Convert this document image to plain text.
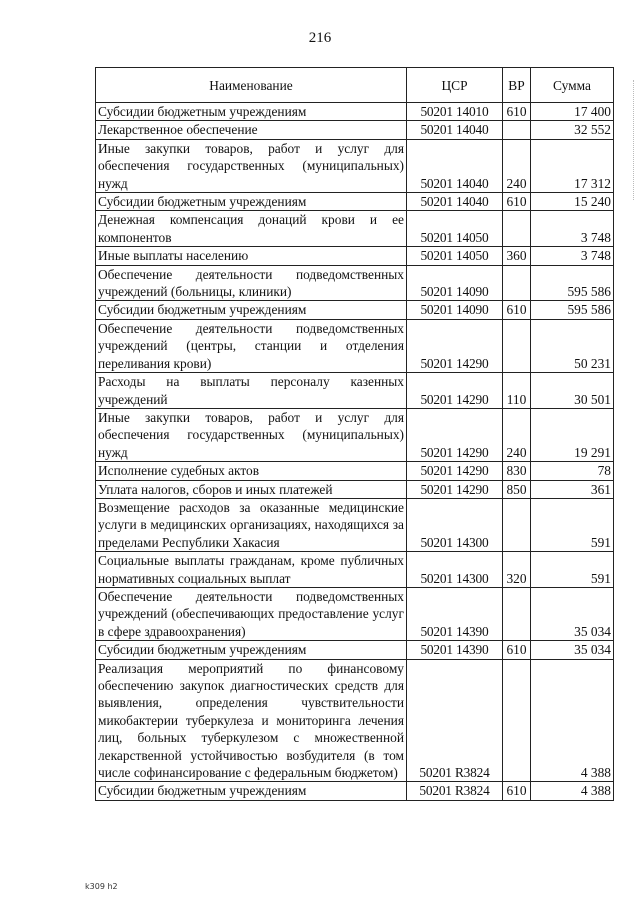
216
Наименование	ЦСР	ВР	Сумма
Субсидии бюджетным учреждениям	50201 14010	610	17 400
Лекарственное обеспечение	50201 14040		32 552
Иные закупки товаров, работ и услуг для обеспечения государственных (муниципальных) нужд	50201 14040	240	17 312
Субсидии бюджетным учреждениям	50201 14040	610	15 240
Денежная компенсация донаций крови и ее компонентов	50201 14050		3 748
Иные выплаты населению	50201 14050	360	3 748
Обеспечение деятельности подведомственных учреждений (больницы, клиники)	50201 14090		595 586
Субсидии бюджетным учреждениям	50201 14090	610	595 586
Обеспечение деятельности подведомственных учреждений (центры, станции и отделения переливания крови)	50201 14290		50 231
Расходы на выплаты персоналу казенных учреждений	50201 14290	110	30 501
Иные закупки товаров, работ и услуг для обеспечения государственных (муниципальных) нужд	50201 14290	240	19 291
Исполнение судебных актов	50201 14290	830	78
Уплата налогов, сборов и иных платежей	50201 14290	850	361
Возмещение расходов за оказанные медицинские услуги в медицинских организациях, находящихся за пределами Республики Хакасия	50201 14300		591
Социальные выплаты гражданам, кроме публичных нормативных социальных выплат	50201 14300	320	591
Обеспечение деятельности подведомственных учреждений (обеспечивающих предоставление услуг в сфере здравоохранения)	50201 14390		35 034
Субсидии бюджетным учреждениям	50201 14390	610	35 034
Реализация мероприятий по финансовому обеспечению закупок диагностических средств для выявления, определения чувствительности микобактерии туберкулеза и мониторинга лечения лиц, больных туберкулезом с множественной лекарственной устойчивостью возбудителя (в том числе софинансирование с федеральным бюджетом)	50201 R3824		4 388
Субсидии бюджетным учреждениям	50201 R3824	610	4 388
k309 h2
